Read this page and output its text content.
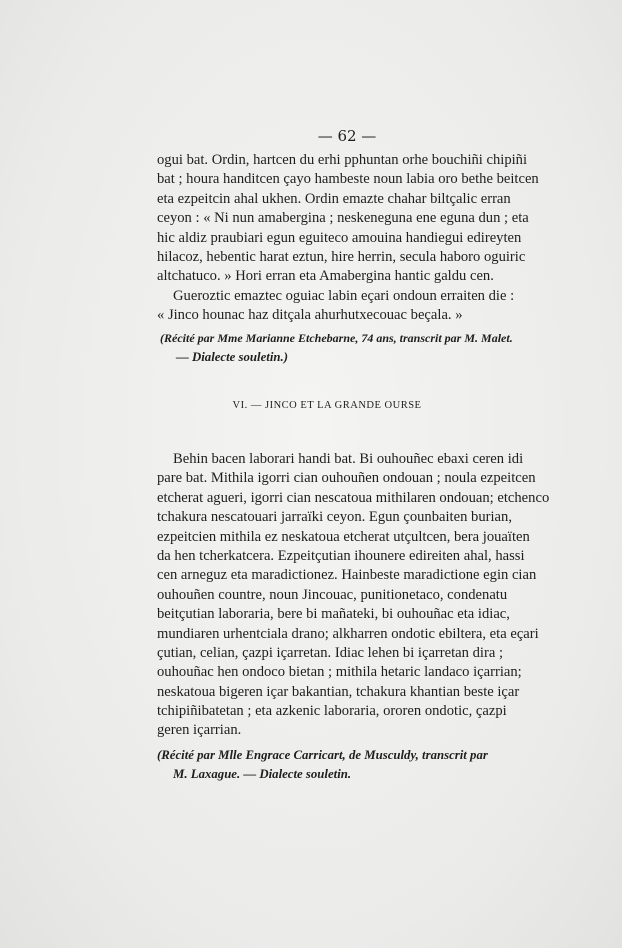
— 62 —
ogui bat. Ordin, hartcen du erhi pphuntan orhe bouchiñi chipiñi
bat ; houra handitcen çayo hambeste noun labia oro bethe beitcen
eta ezpeitcin ahal ukhen. Ordin emazte chahar biltçalic erran
ceyon : « Ni nun amabergina ; neskeneguna ene eguna dun ; eta
hic aldiz praubiari egun eguiteco amouina handiegui edireyten
hilacoz, hebentic harat eztun, hire herrin, secula haboro oguiric
altchatuco. » Hori erran eta Amabergina hantic galdu cen.
Gueroztic emaztec oguiac labin eçari ondoun erraiten die :
« Jinco hounac haz ditçala ahurhutxecouac beçala. »
(Récité par Mme Marianne Etchebarne, 74 ans, transcrit par M. Malet.
— Dialecte souletin.)
VI. — JINCO ET LA GRANDE OURSE
Behin bacen laborari handi bat. Bi ouhouñec ebaxi ceren idi
pare bat. Mithila igorri cian ouhouñen ondouan ; noula ezpeitcen
etcherat agueri, igorri cian nescatoua mithilaren ondouan; etchenco
tchakura nescatouari jarraïki ceyon. Egun çounbaiten burian,
ezpeitcien mithila ez neskatoua etcherat utçultcen, bera jouaïten
da hen tcherkatcera. Ezpeitçutian ihounere edireiten ahal, hassi
cen arneguz eta maradictionez. Hainbeste maradictione egin cian
ouhouñen countre, noun Jincouac, punitionetaco, condenatu
beitçutian laboraria, bere bi mañateki, bi ouhouñac eta idiac,
mundiaren urhentciala drano; alkharren ondotic ebiltera, eta eçari
çutian, celian, çazpi içarretan. Idiac lehen bi içarretan dira ;
ouhouñac hen ondoco bietan ; mithila hetaric landaco içarrian;
neskatoua bigeren içar bakantian, tchakura khantian beste içar
tchipiñibatetan ; eta azkenic laboraria, ororen ondotic, çazpi
geren içarrian.
(Récité par Mlle Engrace Carricart, de Musculdy, transcrit par
M. Laxague. — Dialecte souletin.
